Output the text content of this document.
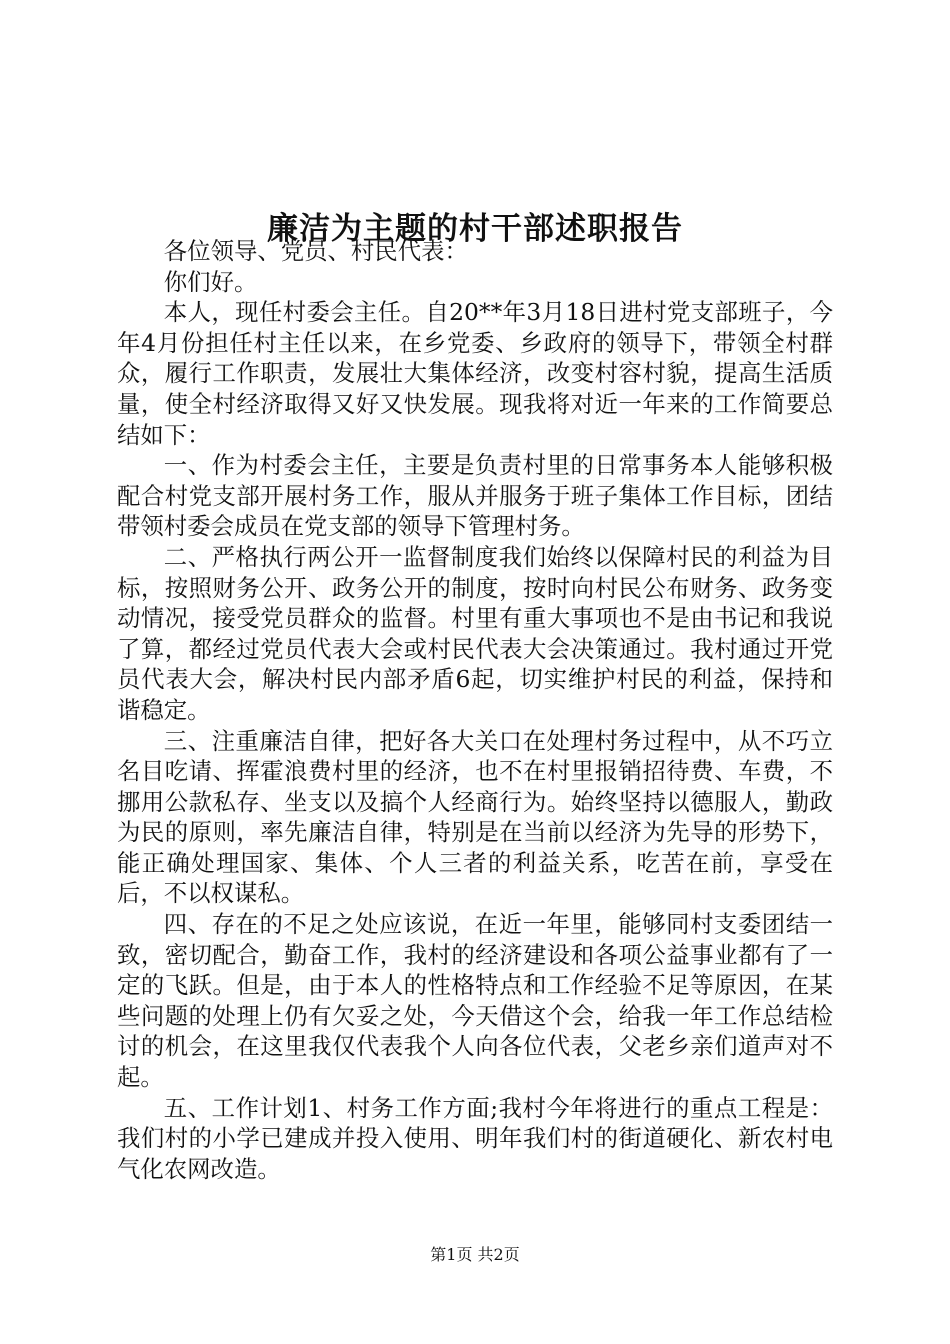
廉洁为主题的村干部述职报告

各位领导、党员、村民代表：

你们好。

本人，现任村委会主任。自20**年3月18日进村党支部班子，今年4月份担任村主任以来，在乡党委、乡政府的领导下，带领全村群众，履行工作职责，发展壮大集体经济，改变村容村貌，提高生活质量，使全村经济取得又好又快发展。现我将对近一年来的工作简要总结如下：

一、作为村委会主任，主要是负责村里的日常事务本人能够积极配合村党支部开展村务工作，服从并服务于班子集体工作目标，团结带领村委会成员在党支部的领导下管理村务。

二、严格执行两公开一监督制度我们始终以保障村民的利益为目标，按照财务公开、政务公开的制度，按时向村民公布财务、政务变动情况，接受党员群众的监督。村里有重大事项也不是由书记和我说了算，都经过党员代表大会或村民代表大会决策通过。我村通过开党员代表大会，解决村民内部矛盾6起，切实维护村民的利益，保持和谐稳定。

三、注重廉洁自律，把好各大关口在处理村务过程中，从不巧立名目吃请、挥霍浪费村里的经济，也不在村里报销招待费、车费，不挪用公款私存、坐支以及搞个人经商行为。始终坚持以德服人，勤政为民的原则，率先廉洁自律，特别是在当前以经济为先导的形势下，能正确处理国家、集体、个人三者的利益关系，吃苦在前，享受在后，不以权谋私。

四、存在的不足之处应该说，在近一年里，能够同村支委团结一致，密切配合，勤奋工作，我村的经济建设和各项公益事业都有了一定的飞跃。但是，由于本人的性格特点和工作经验不足等原因，在某些问题的处理上仍有欠妥之处，今天借这个会，给我一年工作总结检讨的机会，在这里我仅代表我个人向各位代表，父老乡亲们道声对不起。

五、工作计划1、村务工作方面;我村今年将进行的重点工程是：我们村的小学已建成并投入使用、明年我们村的街道硬化、新农村电气化农网改造。

第1页 共2页
